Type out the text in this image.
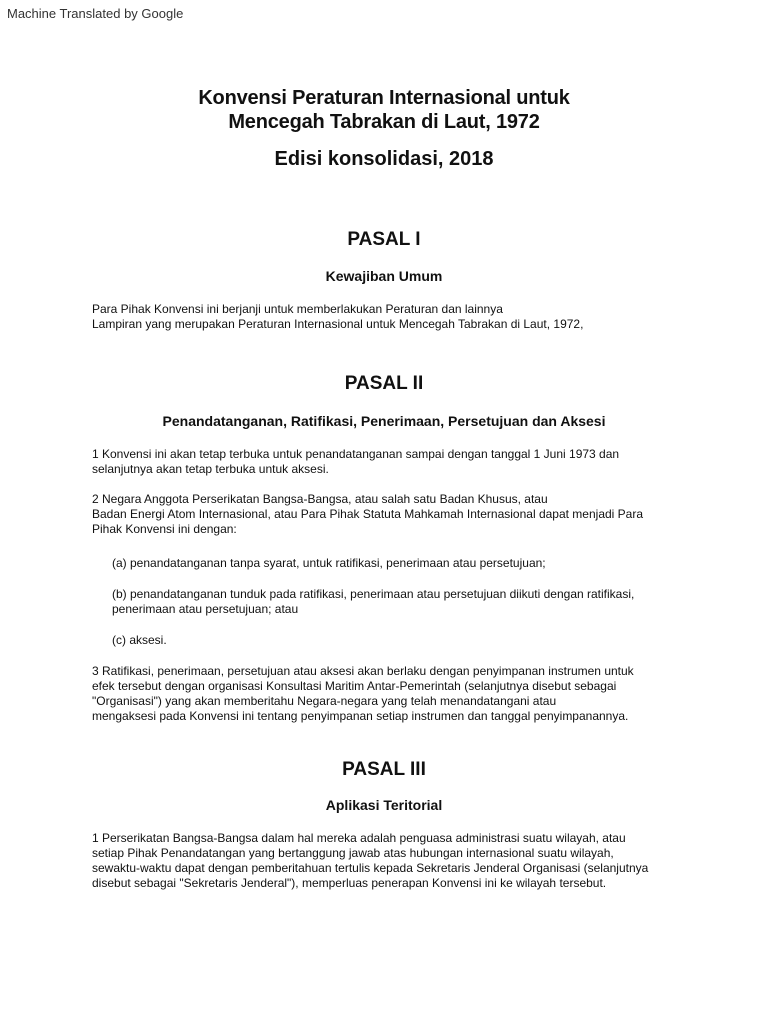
Machine Translated by Google
Konvensi Peraturan Internasional untuk
Mencegah Tabrakan di Laut, 1972
Edisi konsolidasi, 2018
PASAL I
Kewajiban Umum
Para Pihak Konvensi ini berjanji untuk memberlakukan Peraturan dan lainnya
Lampiran yang merupakan Peraturan Internasional untuk Mencegah Tabrakan di Laut, 1972,
PASAL II
Penandatanganan, Ratifikasi, Penerimaan, Persetujuan dan Aksesi
1 Konvensi ini akan tetap terbuka untuk penandatanganan sampai dengan tanggal 1 Juni 1973 dan
selanjutnya akan tetap terbuka untuk aksesi.
2 Negara Anggota Perserikatan Bangsa-Bangsa, atau salah satu Badan Khusus, atau
Badan Energi Atom Internasional, atau Para Pihak Statuta Mahkamah Internasional dapat menjadi Para
Pihak Konvensi ini dengan:
(a) penandatanganan tanpa syarat, untuk ratifikasi, penerimaan atau persetujuan;
(b) penandatanganan tunduk pada ratifikasi, penerimaan atau persetujuan diikuti dengan ratifikasi,
penerimaan atau persetujuan; atau
(c) aksesi.
3 Ratifikasi, penerimaan, persetujuan atau aksesi akan berlaku dengan penyimpanan instrumen untuk
efek tersebut dengan organisasi Konsultasi Maritim Antar-Pemerintah (selanjutnya disebut sebagai
"Organisasi") yang akan memberitahu Negara-negara yang telah menandatangani atau
mengaksesi pada Konvensi ini tentang penyimpanan setiap instrumen dan tanggal penyimpanannya.
PASAL III
Aplikasi Teritorial
1 Perserikatan Bangsa-Bangsa dalam hal mereka adalah penguasa administrasi suatu wilayah, atau
setiap Pihak Penandatangan yang bertanggung jawab atas hubungan internasional suatu wilayah,
sewaktu-waktu dapat dengan pemberitahuan tertulis kepada Sekretaris Jenderal Organisasi (selanjutnya
disebut sebagai "Sekretaris Jenderal"), memperluas penerapan Konvensi ini ke wilayah tersebut.
